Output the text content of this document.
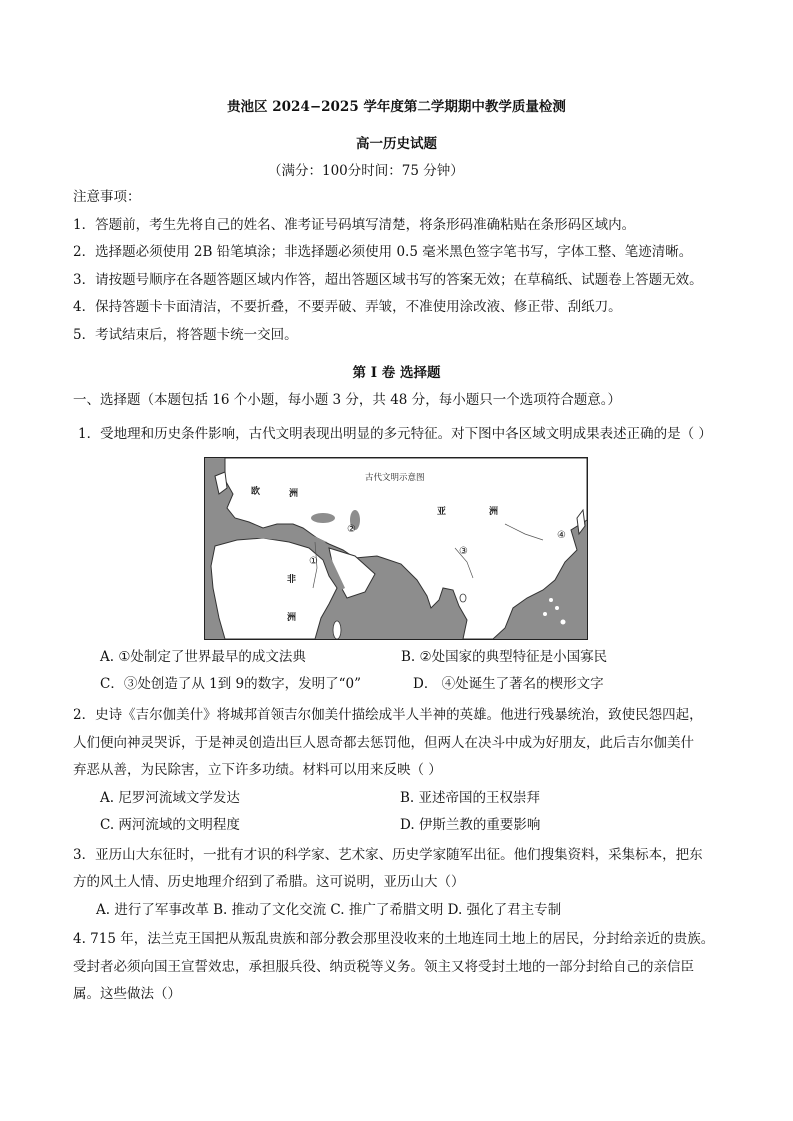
贵池区 2024−2025 学年度第二学期期中教学质量检测
高一历史试题
（满分：100分时间：75 分钟）
注意事项：
1．答题前，考生先将自己的姓名、准考证号码填写清楚，将条形码准确粘贴在条形码区域内。
2．选择题必须使用 2B 铅笔填涂；非选择题必须使用 0.5 毫米黑色签字笔书写，字体工整、笔迹清晰。
3．请按题号顺序在各题答题区域内作答，超出答题区域书写的答案无效；在草稿纸、试题卷上答题无效。
4．保持答题卡卡面清洁，不要折叠，不要弄破、弄皱，不准使用涂改液、修正带、刮纸刀。
5．考试结束后，将答题卡统一交回。
第 I 卷 选择题
一、选择题（本题包括 16 个小题，每小题 3 分，共 48 分，每小题只一个选项符合题意。）
1．受地理和历史条件影响，古代文明表现出明显的多元特征。对下图中各区域文明成果表述正确的是（ ）
古代文明示意图
欧	洲
亚	洲
非
洲
①
②
③
④
A. ①处制定了世界最早的成文法典	B. ②处国家的典型特征是小国寡民
C．③处创造了从 1到 9的数字，发明了“0”	D． ④处诞生了著名的楔形文字
2．史诗《吉尔伽美什》将城邦首领吉尔伽美什描绘成半人半神的英雄。他进行残暴统治，致使民怨四起，
人们便向神灵哭诉，于是神灵创造出巨人恩奇都去惩罚他，但两人在决斗中成为好朋友，此后吉尔伽美什
弃恶从善，为民除害，立下许多功绩。材料可以用来反映（ ）
A. 尼罗河流域文学发达	B. 亚述帝国的王权崇拜
C. 两河流域的文明程度	D. 伊斯兰教的重要影响
3．亚历山大东征时，一批有才识的科学家、艺术家、历史学家随军出征。他们搜集资料，采集标本，把东
方的风土人情、历史地理介绍到了希腊。这可说明，亚历山大（）
A. 进行了军事改革 B. 推动了文化交流 C. 推广了希腊文明 D. 强化了君主专制
4. 715 年，法兰克王国把从叛乱贵族和部分教会那里没收来的土地连同土地上的居民，分封给亲近的贵族。
受封者必须向国王宣誓效忠，承担服兵役、纳贡税等义务。领主又将受封土地的一部分封给自己的亲信臣
属。这些做法（）
